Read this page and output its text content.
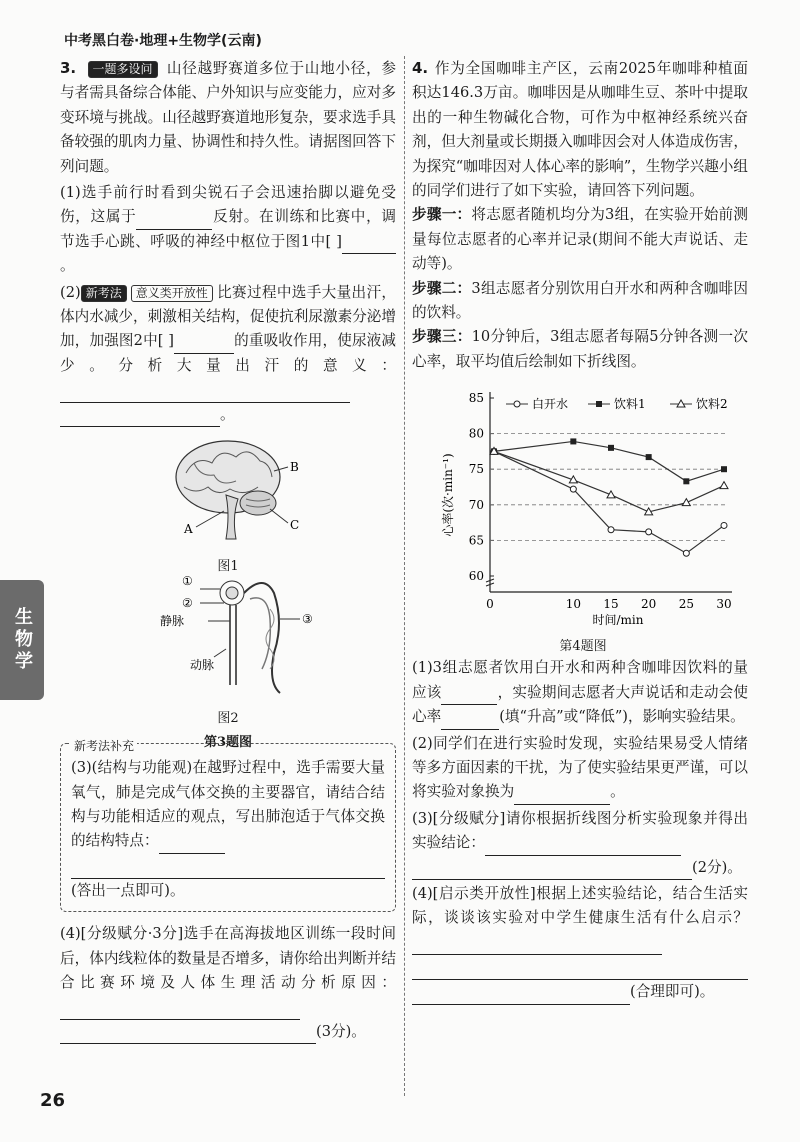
中考黑白卷·地理+生物学(云南)
生物学
26

3. 一题多设问 山径越野赛道多位于山地小径，参与者需具备综合体能、户外知识与应变能力，应对多变环境与挑战。山径越野赛道地形复杂，要求选手具备较强的肌肉力量、协调性和持久性。请据图回答下列问题。

(1)选手前行时看到尖锐石子会迅速抬脚以避免受伤，这属于	反射。在训练和比赛中，调节选手心跳、呼吸的神经中枢位于图1中[ ]。

(2) 新考法 意义类开放性 比赛过程中选手大量出汗，体内水减少，刺激相关结构，促使抗利尿激素分泌增加，加强图2中[ ]	的重吸收作用，使尿液减少。分析大量出汗的意义：

。

B
A	C
图1
①
②
静脉	③
动脉
图2
第3题图
新考法补充

(3)(结构与功能观)在越野过程中，选手需要大量氧气，肺是完成气体交换的主要器官，请结合结构与功能相适应的观点，写出肺泡适于气体交换的结构特点：

(答出一点即可)。

(4)[分级赋分·3分]选手在高海拔地区训练一段时间后，体内线粒体的数量是否增多，请你给出判断并结合比赛环境及人体生理活动分析原因：

(3分)。

4. 作为全国咖啡主产区，云南2025年咖啡种植面积达146.3万亩。咖啡因是从咖啡生豆、茶叶中提取出的一种生物碱化合物，可作为中枢神经系统兴奋剂，但大剂量或长期摄入咖啡因会对人体造成伤害，为探究“咖啡因对人体心率的影响”，生物学兴趣小组的同学们进行了如下实验，请回答下列问题。

步骤一：将志愿者随机均分为3组，在实验开始前测量每位志愿者的心率并记录(期间不能大声说话、走动等)。

步骤二：3组志愿者分别饮用白开水和两种含咖啡因的饮料。

步骤三：10分钟后，3组志愿者每隔5分钟各测一次心率，取平均值后绘制如下折线图。

60
65
70
75
80
85
0	10 15 20 25 30
时间/min
心率(次·min⁻¹)
白开水	饮料1	饮料2
第4题图

(1)3组志愿者饮用白开水和两种含咖啡因饮料的量应该	，实验期间志愿者大声说话和走动会使心率	(填“升高”或“降低”)，影响实验结果。

(2)同学们在进行实验时发现，实验结果易受人情绪等多方面因素的干扰，为了使实验结果更严谨，可以将实验对象换为	。

(3)[分级赋分]请你根据折线图分析实验现象并得出实验结论：

(2分)。

(4)[启示类开放性]根据上述实验结论，结合生活实际，谈谈该实验对中学生健康生活有什么启示？

(合理即可)。
